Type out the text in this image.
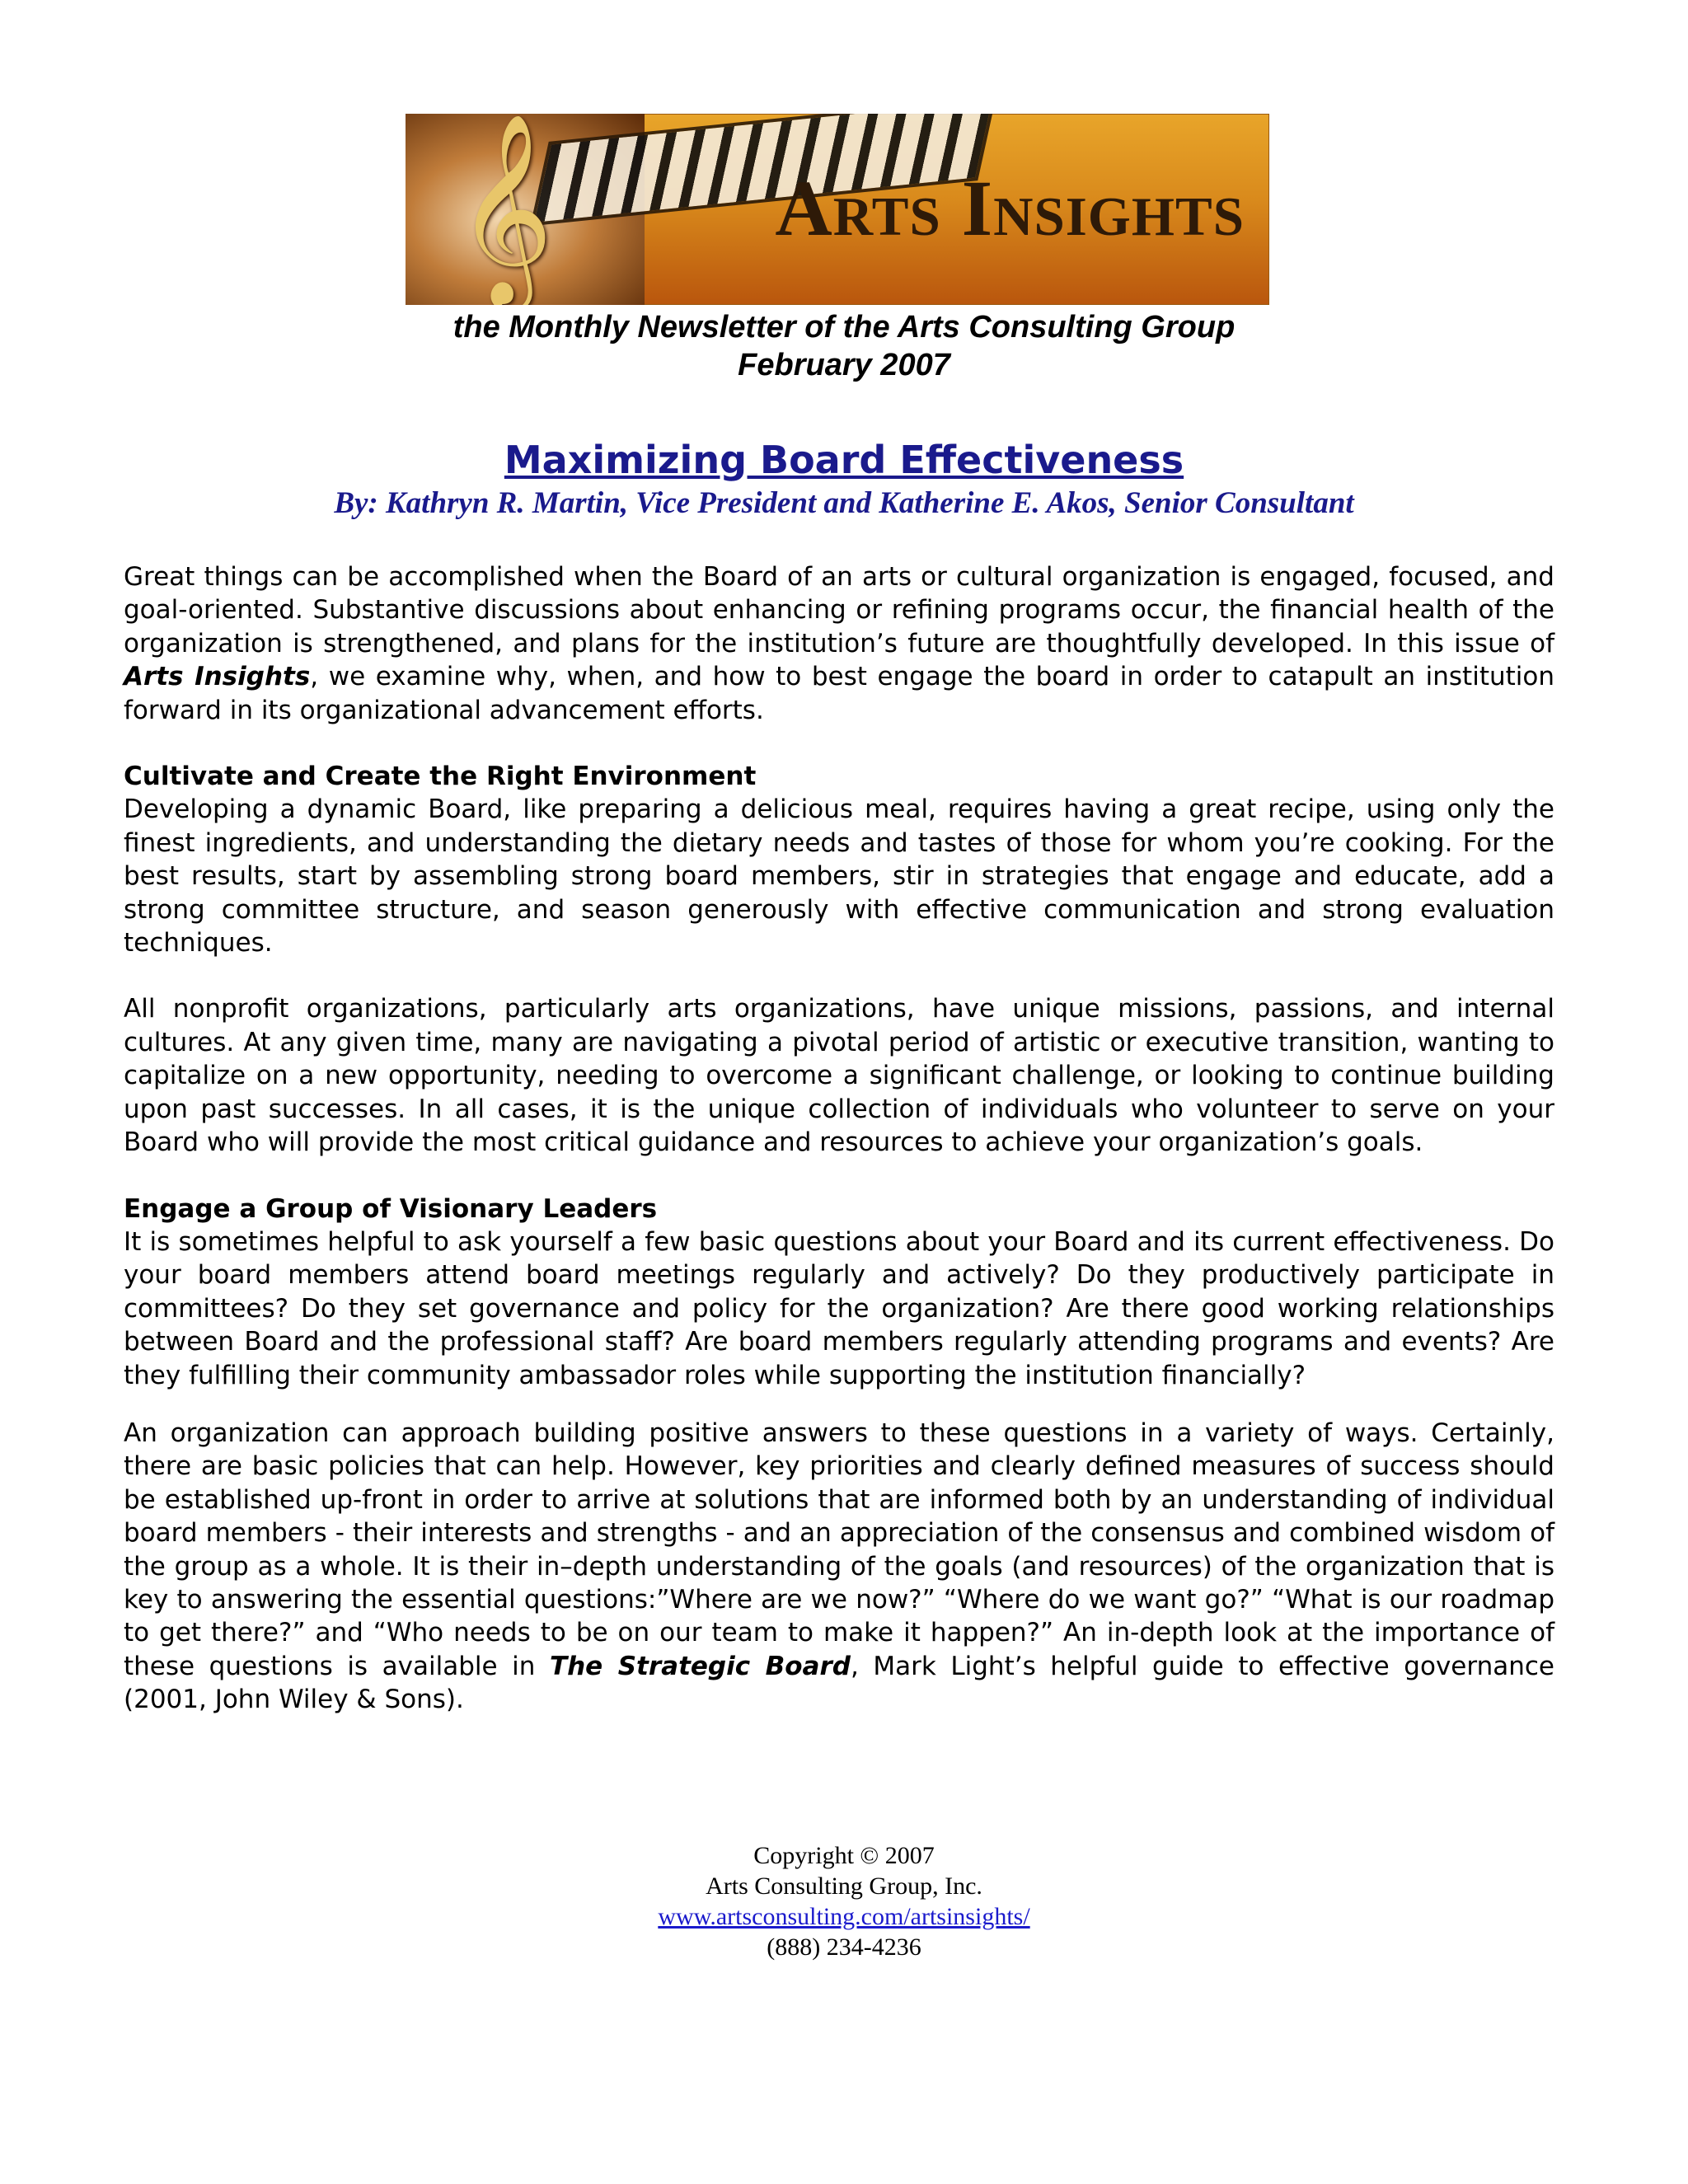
𝄞	Arts Insights
the Monthly Newsletter of the Arts Consulting Group
February 2007
Maximizing Board Effectiveness
By: Kathryn R. Martin, Vice President and Katherine E. Akos, Senior Consultant

Great things can be accomplished when the Board of an arts or cultural organization is engaged, focused, and goal-oriented. Substantive discussions about enhancing or refining programs occur, the financial health of the organization is strengthened, and plans for the institution’s future are thoughtfully developed. In this issue of Arts Insights, we examine why, when, and how to best engage the board in order to catapult an institution forward in its organizational advancement efforts.

Cultivate and Create the Right Environment

Developing a dynamic Board, like preparing a delicious meal, requires having a great recipe, using only the finest ingredients, and understanding the dietary needs and tastes of those for whom you’re cooking. For the best results, start by assembling strong board members, stir in strategies that engage and educate, add a strong committee structure, and season generously with effective communication and strong evaluation techniques.

All nonprofit organizations, particularly arts organizations, have unique missions, passions, and internal cultures. At any given time, many are navigating a pivotal period of artistic or executive transition, wanting to capitalize on a new opportunity, needing to overcome a significant challenge, or looking to continue building upon past successes. In all cases, it is the unique collection of individuals who volunteer to serve on your Board who will provide the most critical guidance and resources to achieve your organization’s goals.

Engage a Group of Visionary Leaders

It is sometimes helpful to ask yourself a few basic questions about your Board and its current effectiveness. Do your board members attend board meetings regularly and actively? Do they productively participate in committees? Do they set governance and policy for the organization? Are there good working relationships between Board and the professional staff? Are board members regularly attending programs and events? Are they fulfilling their community ambassador roles while supporting the institution financially?

An organization can approach building positive answers to these questions in a variety of ways. Certainly, there are basic policies that can help. However, key priorities and clearly defined measures of success should be established up-front in order to arrive at solutions that are informed both by an understanding of individual board members - their interests and strengths - and an appreciation of the consensus and combined wisdom of the group as a whole. It is their in–depth understanding of the goals (and resources) of the organization that is key to answering the essential questions:”Where are we now?” “Where do we want go?” “What is our roadmap to get there?” and “Who needs to be on our team to make it happen?” An in-depth look at the importance of these questions is available in The Strategic Board, Mark Light’s helpful guide to effective governance (2001, John Wiley & Sons).

Copyright © 2007
Arts Consulting Group, Inc.
www.artsconsulting.com/artsinsights/
(888) 234-4236
